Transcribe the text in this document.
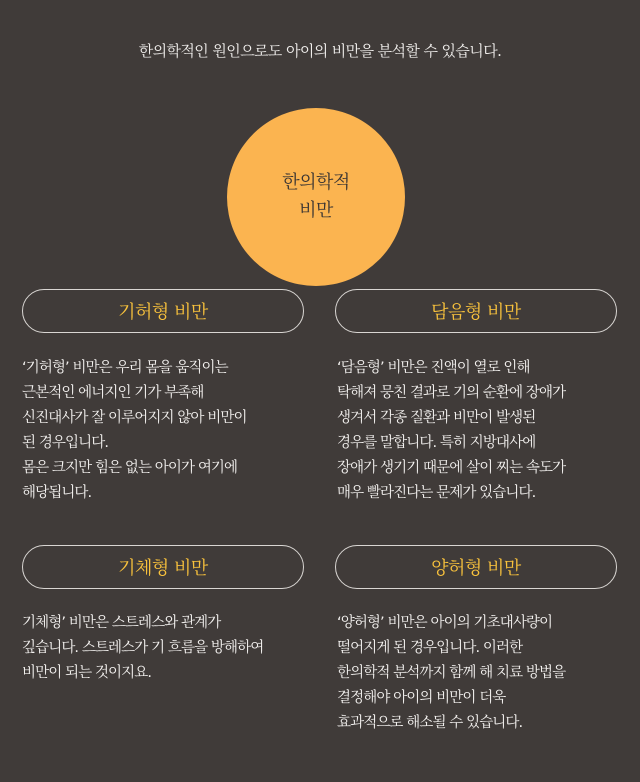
한의학적인 원인으로도 아이의 비만을 분석할 수 있습니다.
한의학적
비만
기허형 비만
‘기허형’ 비만은 우리 몸을 움직이는
근본적인 에너지인 기가 부족해
신진대사가 잘 이루어지지 않아 비만이
된 경우입니다.
몸은 크지만 힘은 없는 아이가 여기에
해당됩니다.
담음형 비만
‘담음형’ 비만은 진액이 열로 인해
탁해져 뭉친 결과로 기의 순환에 장애가
생겨서 각종 질환과 비만이 발생된
경우를 말합니다. 특히 지방대사에
장애가 생기기 때문에 살이 찌는 속도가
매우 빨라진다는 문제가 있습니다.
기체형 비만
기체형’ 비만은 스트레스와 관계가
깊습니다. 스트레스가 기 흐름을 방해하여
비만이 되는 것이지요.
양허형 비만
‘양허형’ 비만은 아이의 기초대사량이
떨어지게 된 경우입니다. 이러한
한의학적 분석까지 함께 해 치료 방법을
결정해야 아이의 비만이 더욱
효과적으로 해소될 수 있습니다.
